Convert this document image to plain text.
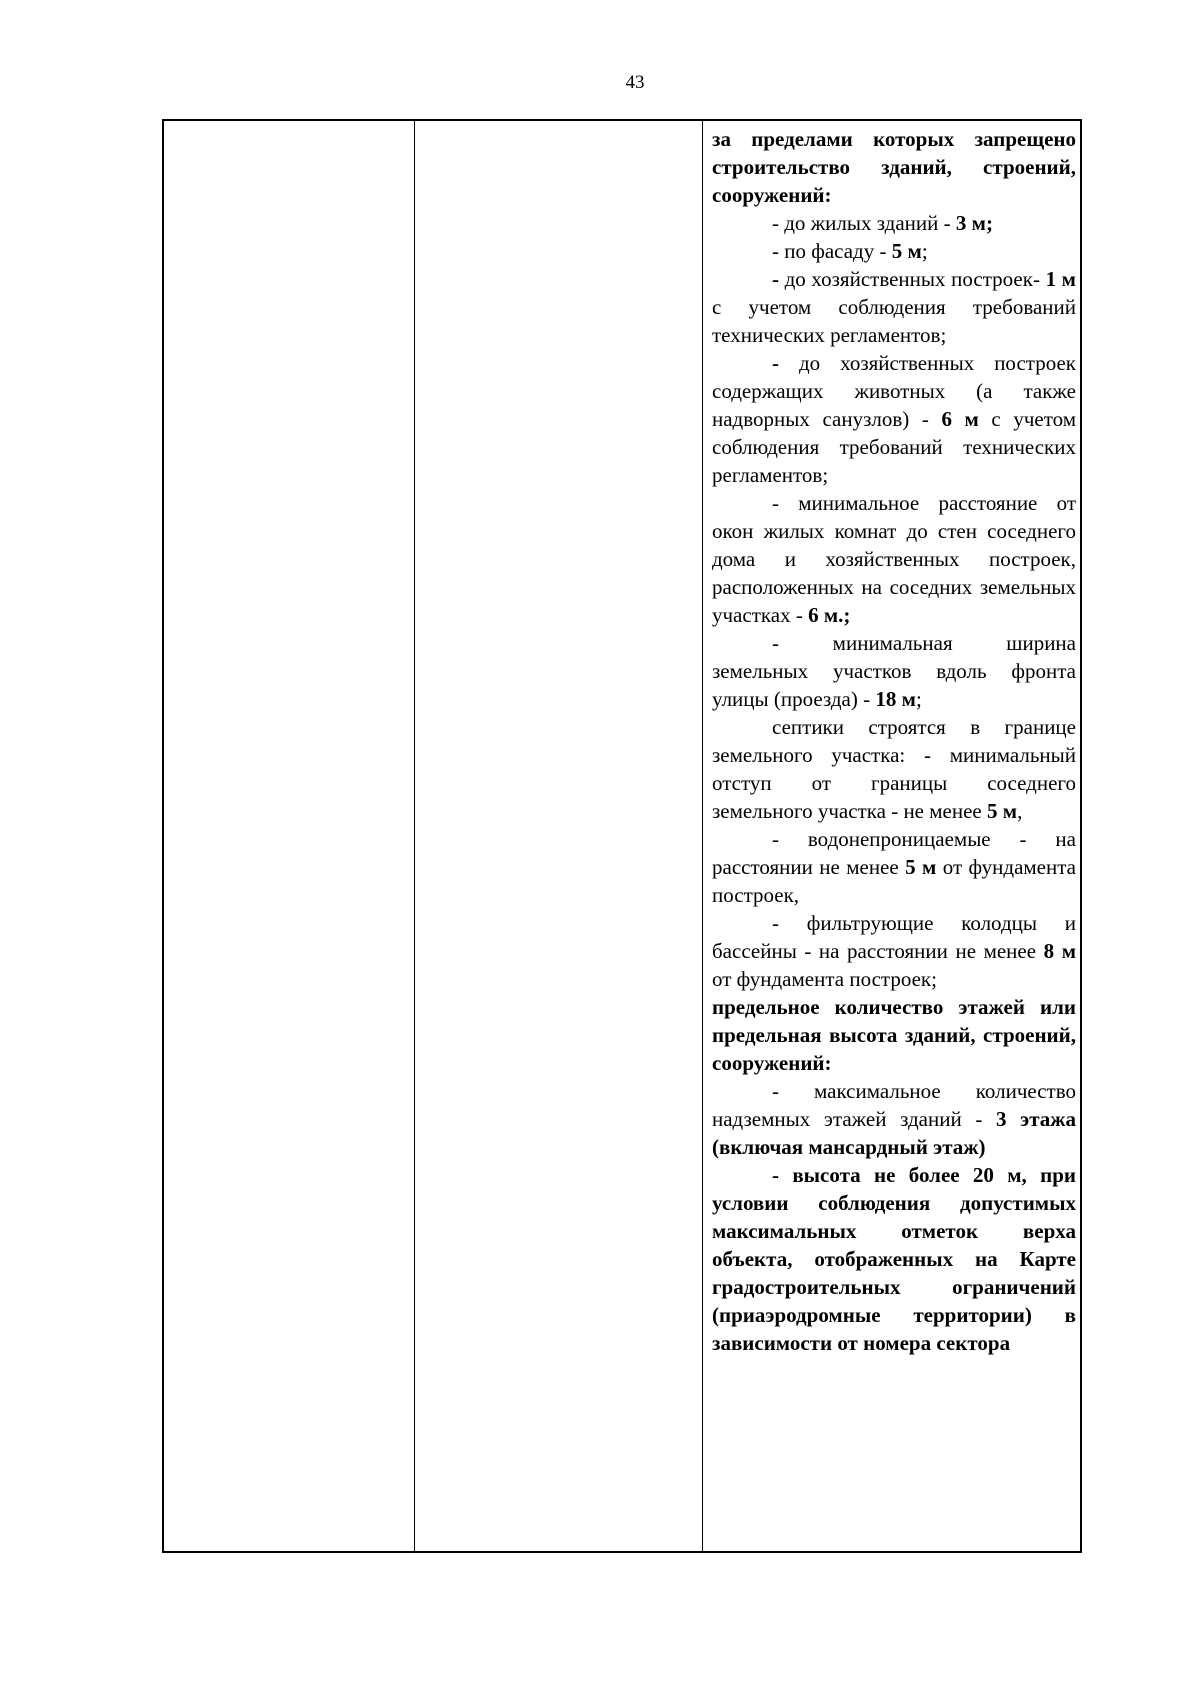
43

за пределами которых запрещено строительство зданий, строений, сооружений:

- до жилых зданий - 3 м;

- по фасаду - 5 м;

- до хозяйственных построек- 1 м с учетом соблюдения требований технических регламентов;

- до хозяйственных построек содержащих животных (а также надворных санузлов) - 6 м с учетом соблюдения требований технических регламентов;

- минимальное расстояние от окон жилых комнат до стен соседнего дома и хозяйственных построек, расположенных на соседних земельных участках - 6 м.;

- минимальная ширина земельных участков вдоль фронта улицы (проезда) - 18 м;

септики строятся в границе земельного участка: - минимальный отступ от границы соседнего земельного участка - не менее 5 м,

- водонепроницаемые - на расстоянии не менее 5 м от фундамента построек,

- фильтрующие колодцы и бассейны - на расстоянии не менее 8 м от фундамента построек;

предельное количество этажей или предельная высота зданий, строений, сооружений:

- максимальное количество надземных этажей зданий - 3 этажа (включая мансардный этаж)

- высота не более 20 м, при условии соблюдения допустимых максимальных отметок верха объекта, отображенных на Карте градостроительных ограничений (приаэродромные территории) в зависимости от номера сектора
